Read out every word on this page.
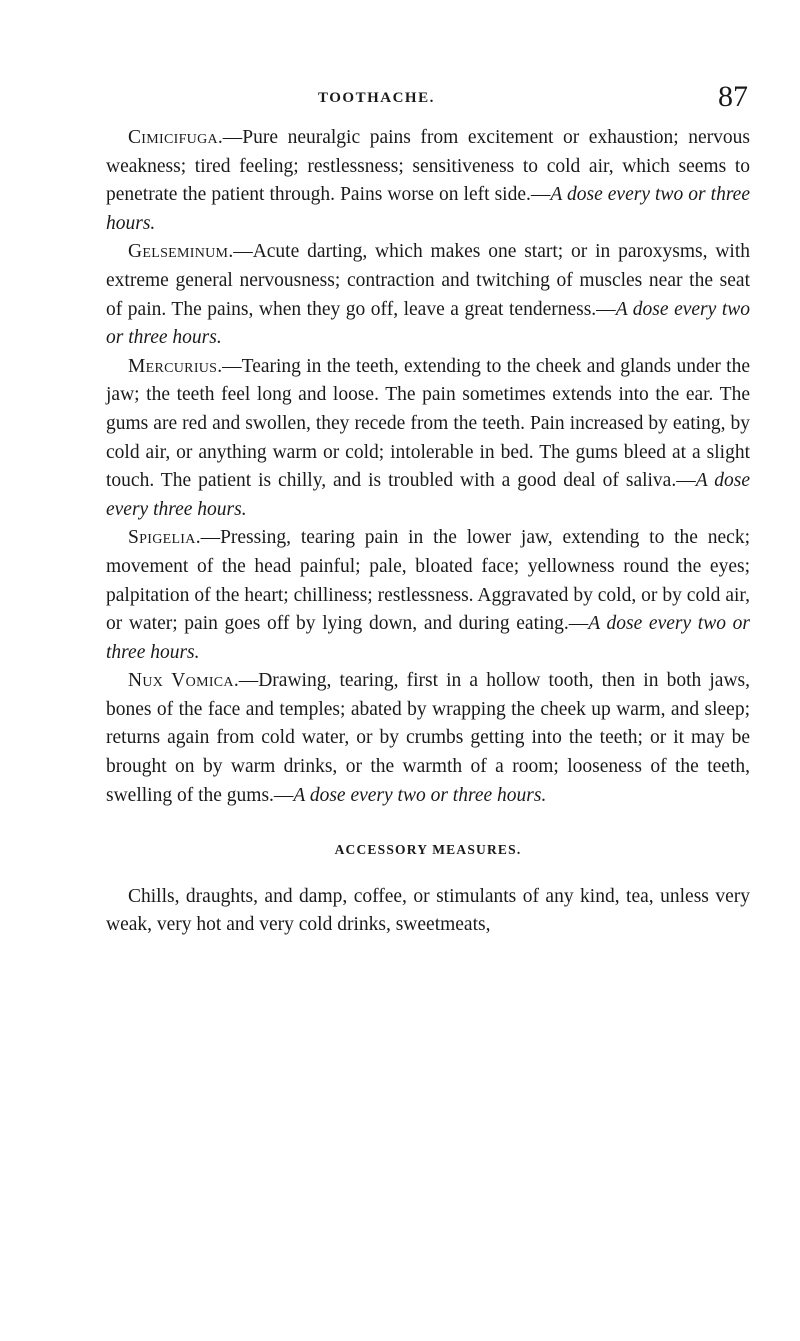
TOOTHACHE.	87

Cimicifuga.—Pure neuralgic pains from excitement or exhaustion; nervous weakness; tired feeling; restlessness; sensitiveness to cold air, which seems to penetrate the patient through. Pains worse on left side.—A dose every two or three hours.

Gelseminum.—Acute darting, which makes one start; or in paroxysms, with extreme general nervousness; contraction and twitching of muscles near the seat of pain. The pains, when they go off, leave a great tenderness.—A dose every two or three hours.

Mercurius.—Tearing in the teeth, extending to the cheek and glands under the jaw; the teeth feel long and loose. The pain sometimes extends into the ear. The gums are red and swollen, they recede from the teeth. Pain increased by eating, by cold air, or anything warm or cold; intolerable in bed. The gums bleed at a slight touch. The patient is chilly, and is troubled with a good deal of saliva.—A dose every three hours.

Spigelia.—Pressing, tearing pain in the lower jaw, extending to the neck; movement of the head painful; pale, bloated face; yellowness round the eyes; palpitation of the heart; chilliness; restlessness. Aggravated by cold, or by cold air, or water; pain goes off by lying down, and during eating.—A dose every two or three hours.

Nux Vomica.—Drawing, tearing, first in a hollow tooth, then in both jaws, bones of the face and temples; abated by wrapping the cheek up warm, and sleep; returns again from cold water, or by crumbs getting into the teeth; or it may be brought on by warm drinks, or the warmth of a room; looseness of the teeth, swelling of the gums.—A dose every two or three hours.

ACCESSORY MEASURES.

Chills, draughts, and damp, coffee, or stimulants of any kind, tea, unless very weak, very hot and very cold drinks, sweetmeats,
